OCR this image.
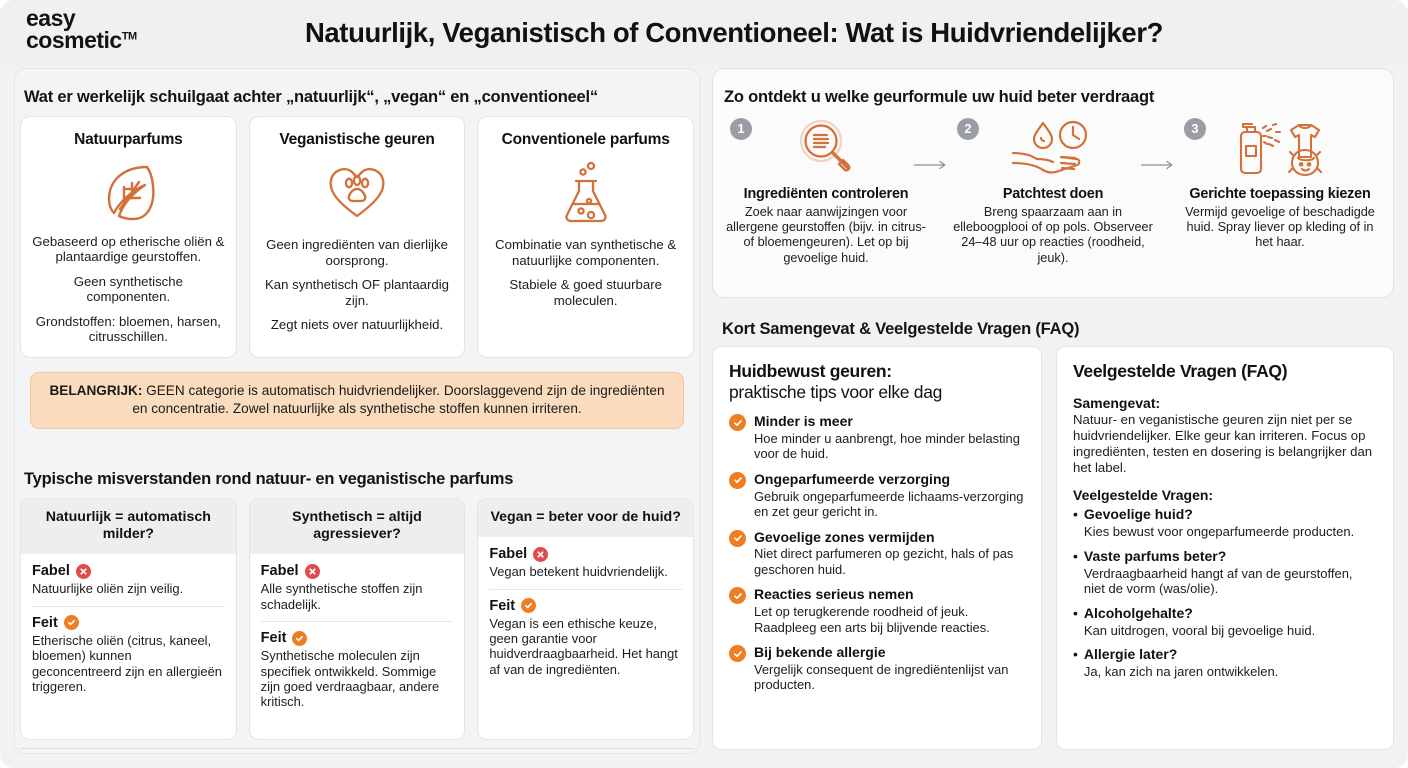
easy
cosmetic™	Natuurlijk, Veganistisch of Conventioneel: Wat is Huidvriendelijker?
Wat er werkelijk schuilgaat achter „natuurlijk“, „vegan“ en „conventioneel“
Natuurparfums

Gebaseerd op etherische oliën & plantaardige geurstoffen.

Geen synthetische componenten.

Grondstoffen: bloemen, harsen, citrusschillen.

Veganistische geuren

Geen ingrediënten van dierlijke oorsprong.

Kan synthetisch OF plantaardig zijn.

Zegt niets over natuurlijkheid.

Conventionele parfums

Combinatie van synthetische & natuurlijke componenten.

Stabiele & goed stuurbare moleculen.

BELANGRIJK: GEEN categorie is automatisch huidvriendelijker. Doorslaggevend zijn de ingrediënten en concentratie. Zowel natuurlijke als synthetische stoffen kunnen irriteren.
Typische misverstanden rond natuur- en veganistische parfums
Natuurlijk = automatisch milder?
Fabel
Natuurlijke oliën zijn veilig.
Feit
Etherische oliën (citrus, kaneel, bloemen) kunnen geconcentreerd zijn en allergieën triggeren.
Synthetisch = altijd agressiever?
Fabel
Alle synthetische stoffen zijn schadelijk.
Feit
Synthetische moleculen zijn specifiek ontwikkeld. Sommige zijn goed verdraagbaar, andere kritisch.
Vegan = beter voor de huid?
Fabel
Vegan betekent huidvriendelijk.
Feit
Vegan is een ethische keuze, geen garantie voor huidverdraagbaarheid. Het hangt af van de ingrediënten.
Zo ontdekt u welke geurformule uw huid beter verdraagt
1
Ingrediënten controleren

Zoek naar aanwijzingen voor allergene geurstoffen (bijv. in citrus- of bloemengeuren). Let op bij gevoelige huid.

2
Patchtest doen

Breng spaarzaam aan in elleboogplooi of op pols. Observeer 24–48 uur op reacties (roodheid, jeuk).

3
Gerichte toepassing kiezen

Vermijd gevoelige of beschadigde huid. Spray liever op kleding of in het haar.

Kort Samengevat & Veelgestelde Vragen (FAQ)
Huidbewust geuren:
praktische tips voor elke dag
Minder is meer
Hoe minder u aanbrengt, hoe minder belasting voor de huid.
Ongeparfumeerde verzorging
Gebruik ongeparfumeerde lichaams-verzorging en zet geur gericht in.
Gevoelige zones vermijden
Niet direct parfumeren op gezicht, hals of pas geschoren huid.
Reacties serieus nemen
Let op terugkerende roodheid of jeuk. Raadpleeg een arts bij blijvende reacties.
Bij bekende allergie
Vergelijk consequent de ingrediëntenlijst van producten.
Veelgestelde Vragen (FAQ)
Samengevat:
Natuur- en veganistische geuren zijn niet per se huidvriendelijker. Elke geur kan irriteren. Focus op ingrediënten, testen en dosering is belangrijker dan het label.
Veelgestelde Vragen:
• Gevoelige huid?
Kies bewust voor ongeparfumeerde producten.
• Vaste parfums beter?
Verdraagbaarheid hangt af van de geurstoffen, niet de vorm (was/olie).
• Alcoholgehalte?
Kan uitdrogen, vooral bij gevoelige huid.
• Allergie later?
Ja, kan zich na jaren ontwikkelen.
